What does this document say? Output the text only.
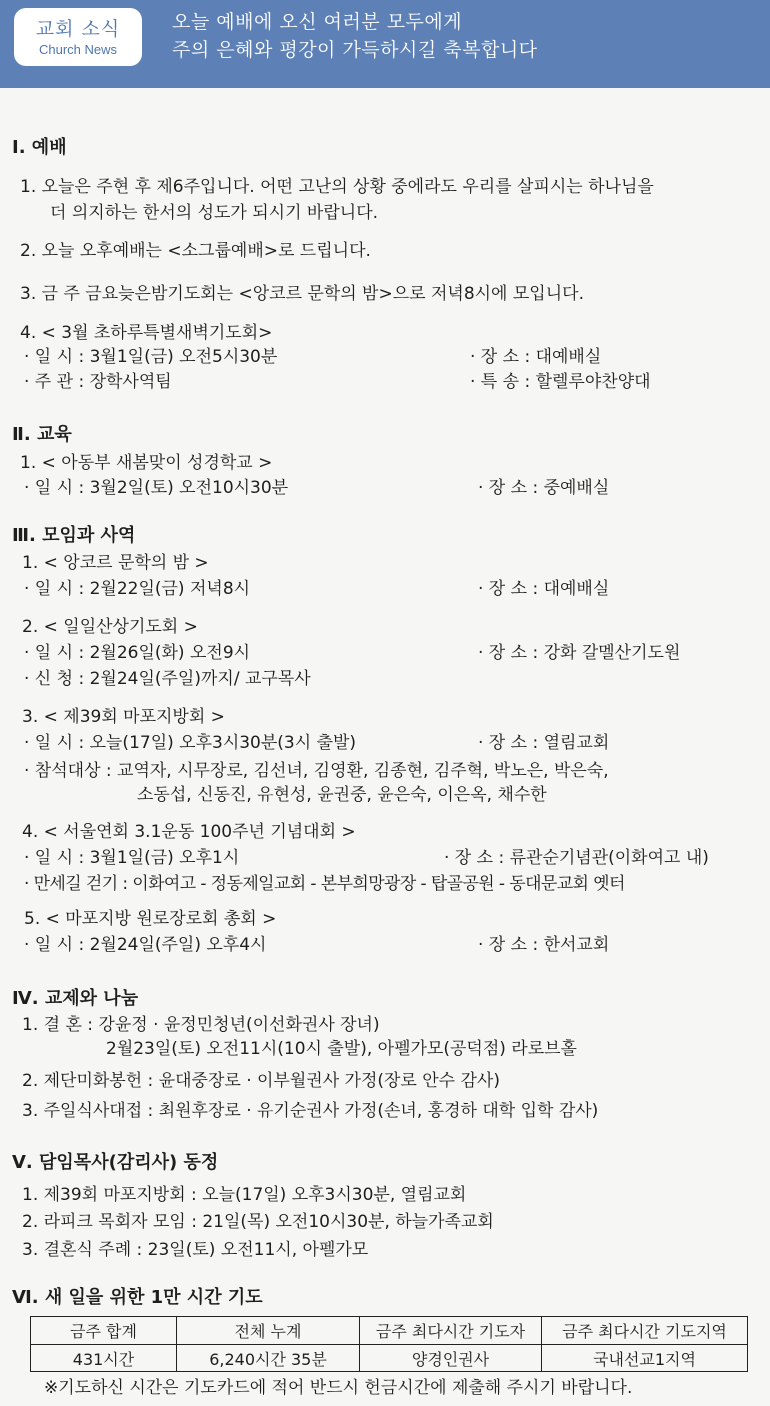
교회 소식
Church News
오늘 예배에 오신 여러분 모두에게
주의 은혜와 평강이 가득하시길 축복합니다
Ⅰ. 예배
1. 오늘은 주현 후 제6주입니다. 어떤 고난의 상황 중에라도 우리를 살피시는 하나님을
더 의지하는 한서의 성도가 되시기 바랍니다.
2. 오늘 오후예배는 <소그룹예배>로 드립니다.
3. 금 주 금요늦은밤기도회는 <앙코르 문학의 밤>으로 저녁8시에 모입니다.
4. < 3월 초하루특별새벽기도회>
· 일 시 : 3월1일(금) 오전5시30분	· 장 소 : 대예배실
· 주 관 : 장학사역팀	· 특 송 : 할렐루야찬양대
Ⅱ. 교육
1. < 아동부 새봄맞이 성경학교 >
· 일 시 : 3월2일(토) 오전10시30분	· 장 소 : 중예배실
Ⅲ. 모임과 사역
1. < 앙코르 문학의 밤 >
· 일 시 : 2월22일(금) 저녁8시	· 장 소 : 대예배실
2. < 일일산상기도회 >
· 일 시 : 2월26일(화) 오전9시	· 장 소 : 강화 갈멜산기도원
· 신 청 : 2월24일(주일)까지/ 교구목사
3. < 제39회 마포지방회 >
· 일 시 : 오늘(17일) 오후3시30분(3시 출발)	· 장 소 : 열림교회
· 참석대상 : 교역자, 시무장로, 김선녀, 김영환, 김종현, 김주혁, 박노은, 박은숙,
소동섭, 신동진, 유현성, 윤권중, 윤은숙, 이은옥, 채수한
4. < 서울연회 3.1운동 100주년 기념대회 >
· 일 시 : 3월1일(금) 오후1시	· 장 소 : 류관순기념관(이화여고 내)
· 만세길 걷기 : 이화여고 - 정동제일교회 - 본부희망광장 - 탑골공원 - 동대문교회 옛터
5. < 마포지방 원로장로회 총회 >
· 일 시 : 2월24일(주일) 오후4시	· 장 소 : 한서교회
Ⅳ. 교제와 나눔
1. 결 혼 : 강윤정 · 윤정민청년(이선화권사 장녀)
2월23일(토) 오전11시(10시 출발), 아펠가모(공덕점) 라로브홀
2. 제단미화봉헌 : 윤대중장로 · 이부월권사 가정(장로 안수 감사)
3. 주일식사대접 : 최원후장로 · 유기순권사 가정(손녀, 홍경하 대학 입학 감사)
Ⅴ. 담임목사(감리사) 동정
1. 제39회 마포지방회 : 오늘(17일) 오후3시30분, 열림교회
2. 라피크 목회자 모임 : 21일(목) 오전10시30분, 하늘가족교회
3. 결혼식 주례 : 23일(토) 오전11시, 아펠가모
Ⅵ. 새 일을 위한 1만 시간 기도
금주 합계	전체 누계	금주 최다시간 기도자	금주 최다시간 기도지역
431시간	6,240시간 35분	양경인권사	국내선교1지역
※기도하신 시간은 기도카드에 적어 반드시 헌금시간에 제출해 주시기 바랍니다.
